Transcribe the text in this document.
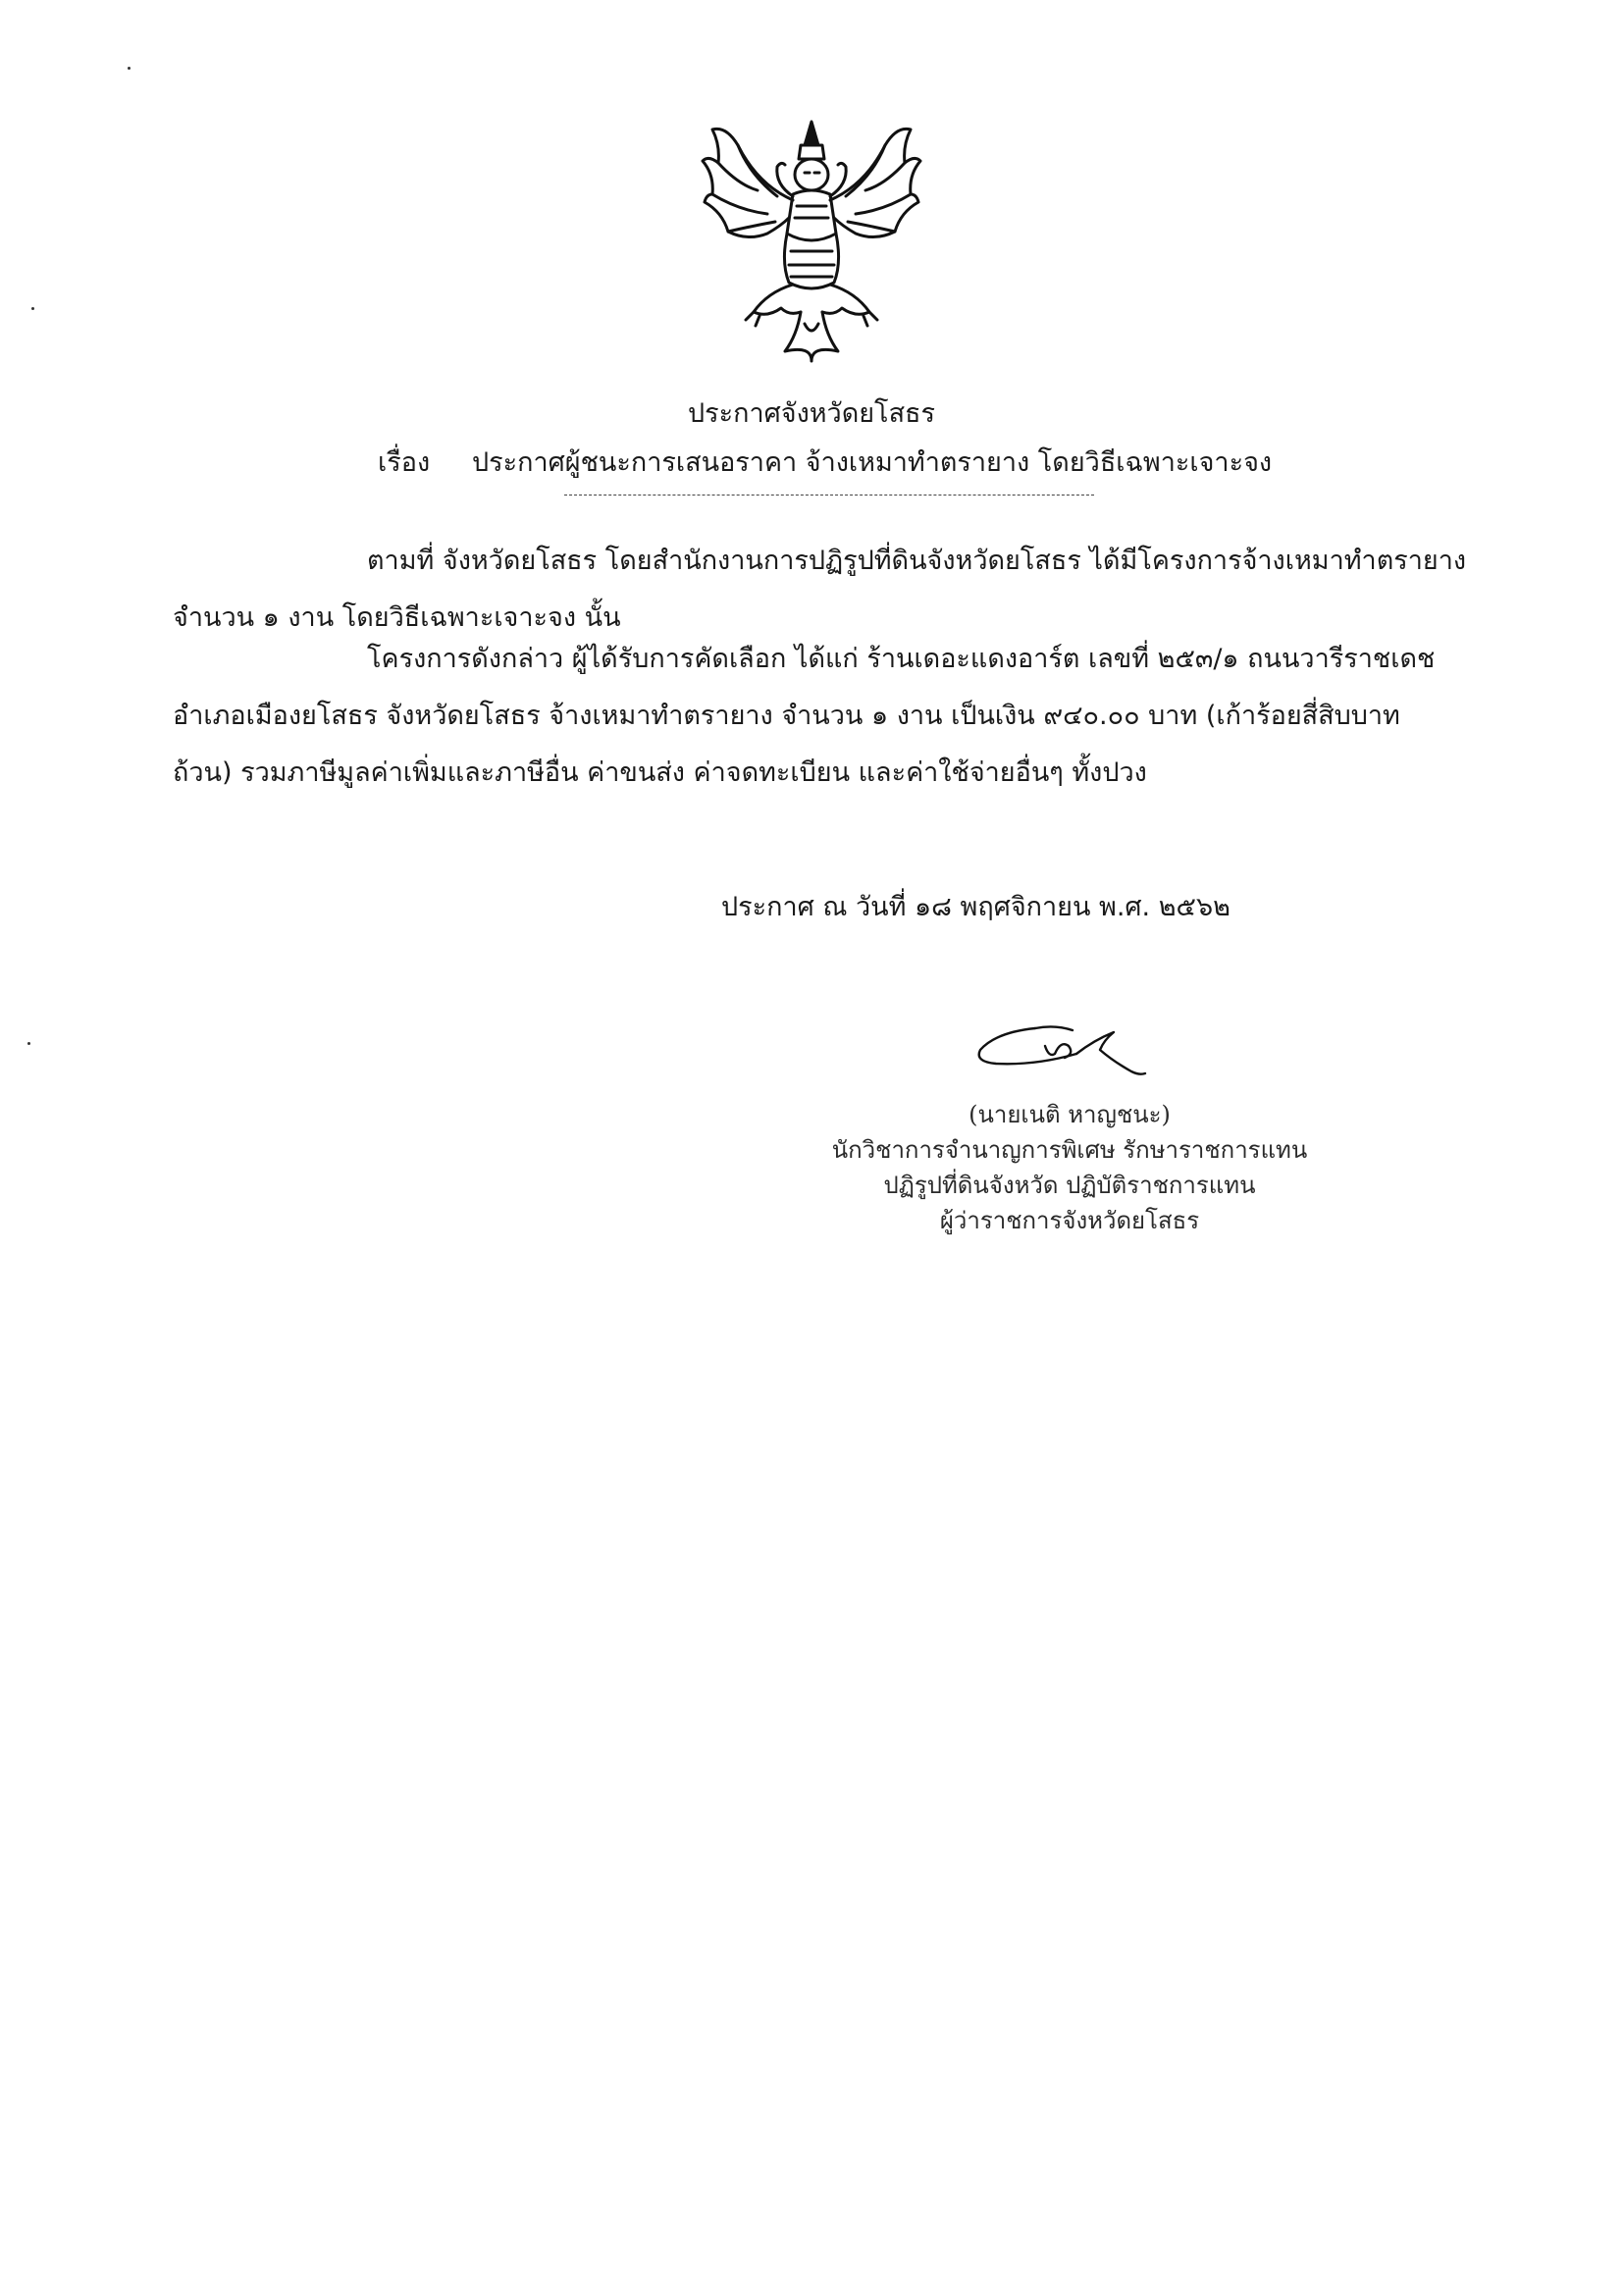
ประกาศจังหวัดยโสธร
เรื่อง ประกาศผู้ชนะการเสนอราคา จ้างเหมาทำตรายาง โดยวิธีเฉพาะเจาะจง
ตามที่ จังหวัดยโสธร โดยสำนักงานการปฏิรูปที่ดินจังหวัดยโสธร ได้มีโครงการจ้างเหมาทำตรายาง
จำนวน ๑ งาน โดยวิธีเฉพาะเจาะจง นั้น
โครงการดังกล่าว ผู้ได้รับการคัดเลือก ได้แก่ ร้านเดอะแดงอาร์ต เลขที่ ๒๕๓/๑ ถนนวารีราชเดช
อำเภอเมืองยโสธร จังหวัดยโสธร จ้างเหมาทำตรายาง จำนวน ๑ งาน เป็นเงิน ๙๔๐.๐๐ บาท (เก้าร้อยสี่สิบบาท
ถ้วน) รวมภาษีมูลค่าเพิ่มและภาษีอื่น ค่าขนส่ง ค่าจดทะเบียน และค่าใช้จ่ายอื่นๆ ทั้งปวง
ประกาศ ณ วันที่ ๑๘ พฤศจิกายน พ.ศ. ๒๕๖๒
(นายเนติ หาญชนะ)
นักวิชาการจำนาญการพิเศษ รักษาราชการแทน
ปฏิรูปที่ดินจังหวัด ปฏิบัติราชการแทน
ผู้ว่าราชการจังหวัดยโสธร
